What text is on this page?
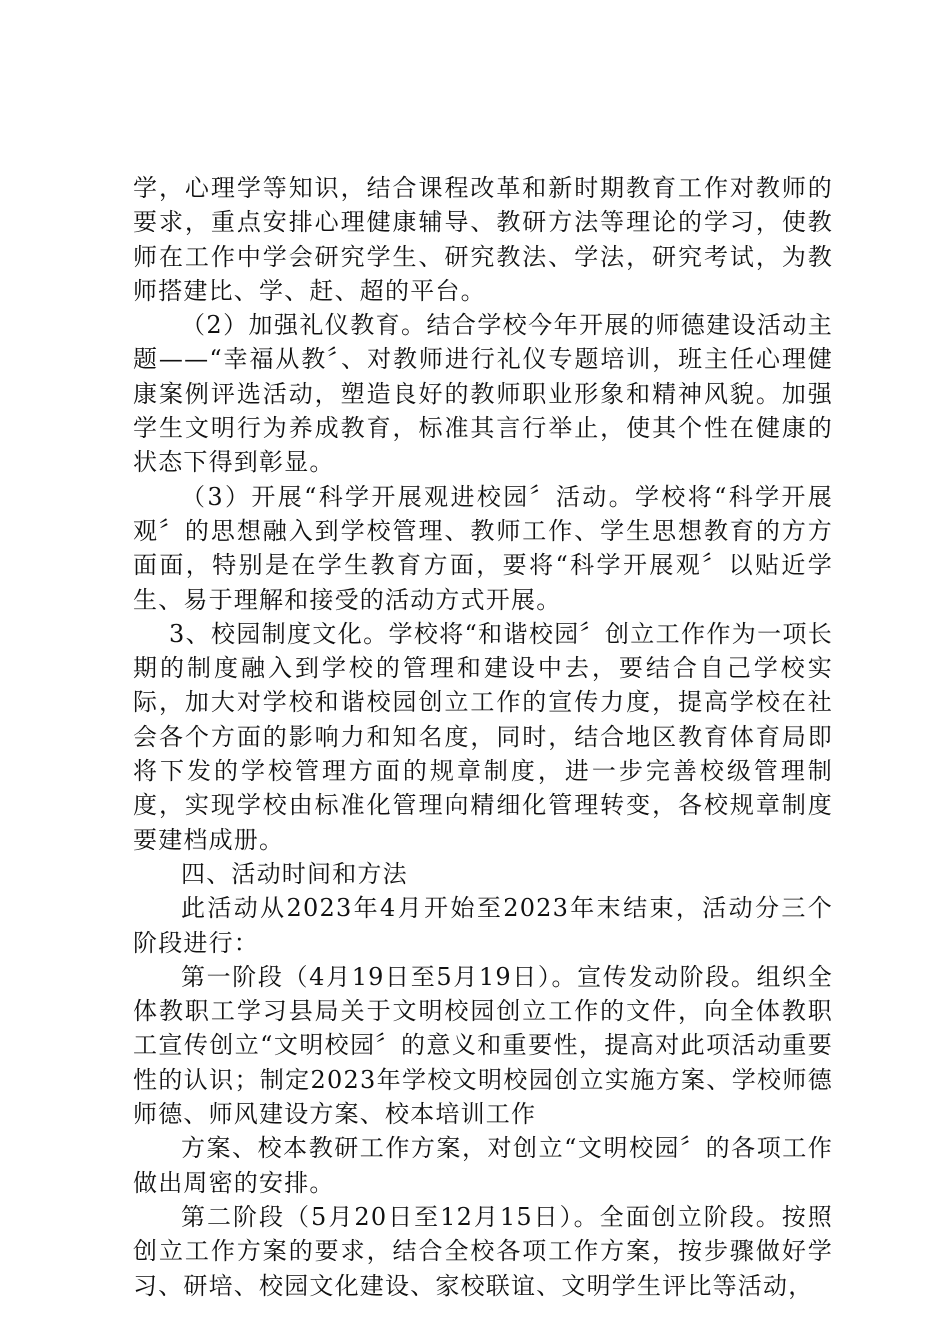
学，心理学等知识，结合课程改革和新时期教育工作对教师的要求，重点安排心理健康辅导、教研方法等理论的学习，使教师在工作中学会研究学生、研究教法、学法，研究考试，为教师搭建比、学、赶、超的平台。

（2）加强礼仪教育。结合学校今年开展的师德建设活动主题——“幸福从教〞、对教师进行礼仪专题培训，班主任心理健康案例评选活动，塑造良好的教师职业形象和精神风貌。加强学生文明行为养成教育，标准其言行举止，使其个性在健康的状态下得到彰显。

（3）开展“科学开展观进校园〞活动。学校将“科学开展观〞的思想融入到学校管理、教师工作、学生思想教育的方方面面，特别是在学生教育方面，要将“科学开展观〞以贴近学生、易于理解和接受的活动方式开展。

3、校园制度文化。学校将“和谐校园〞创立工作作为一项长期的制度融入到学校的管理和建设中去，要结合自己学校实际，加大对学校和谐校园创立工作的宣传力度，提高学校在社会各个方面的影响力和知名度，同时，结合地区教育体育局即将下发的学校管理方面的规章制度，进一步完善校级管理制度，实现学校由标准化管理向精细化管理转变，各校规章制度要建档成册。

四、活动时间和方法

此活动从2023年4月开始至2023年末结束，活动分三个阶段进行：

第一阶段（4月19日至5月19日）。宣传发动阶段。组织全体教职工学习县局关于文明校园创立工作的文件，向全体教职工宣传创立“文明校园〞的意义和重要性，提高对此项活动重要性的认识；制定2023年学校文明校园创立实施方案、学校师德师德、师风建设方案、校本培训工作

方案、校本教研工作方案，对创立“文明校园〞的各项工作做出周密的安排。

第二阶段（5月20日至12月15日）。全面创立阶段。按照创立工作方案的要求，结合全校各项工作方案，按步骤做好学习、研培、校园文化建设、家校联谊、文明学生评比等活动，
